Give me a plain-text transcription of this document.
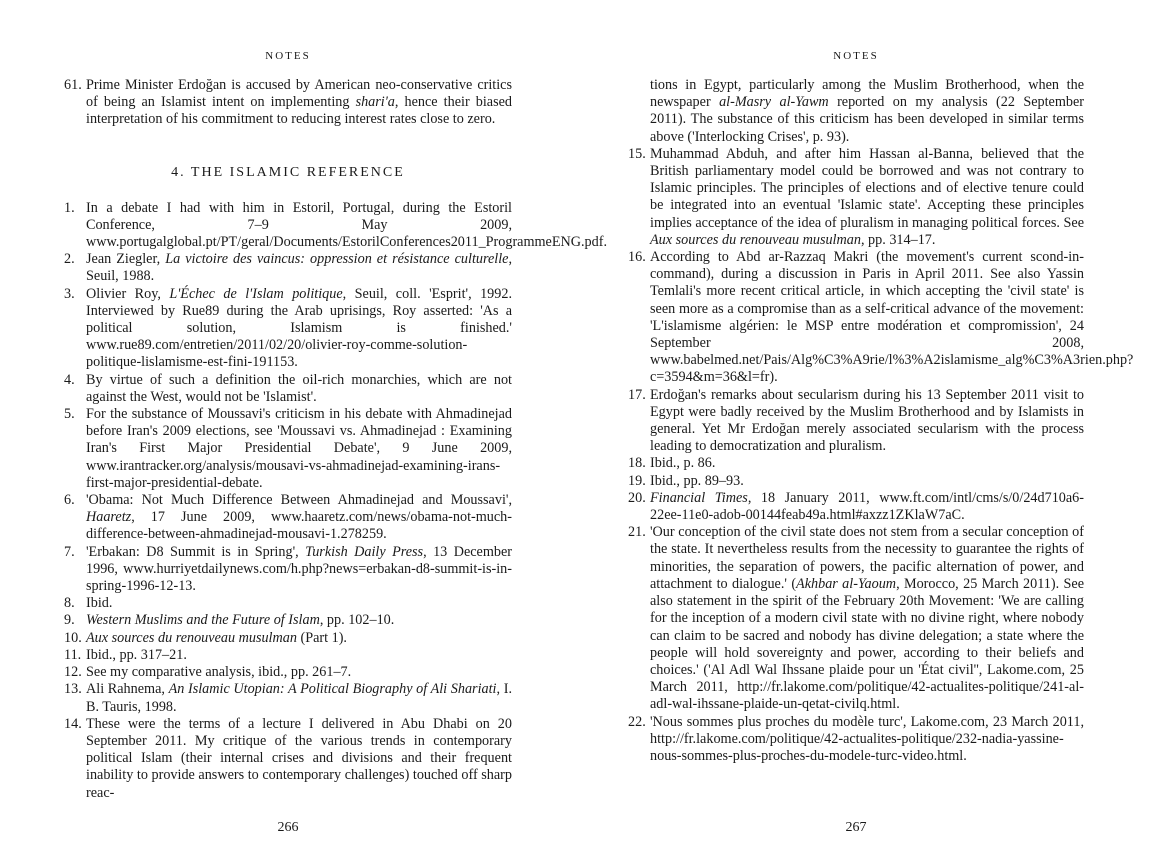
NOTES

61. Prime Minister Erdoğan is accused by American neo-conservative critics of being an Islamist intent on implementing shari'a, hence their biased interpretation of his commitment to reducing interest rates close to zero.

4. THE ISLAMIC REFERENCE

1. In a debate I had with him in Estoril, Portugal, during the Estoril Conference, 7–9 May 2009, www.portugalglobal.pt/PT/geral/Documents/EstorilConferences2011_ProgrammeENG.pdf.

2. Jean Ziegler, La victoire des vaincus: oppression et résistance culturelle, Seuil, 1988.

3. Olivier Roy, L'Échec de l'Islam politique, Seuil, coll. 'Esprit', 1992. Interviewed by Rue89 during the Arab uprisings, Roy asserted: 'As a political solution, Islamism is finished.' www.rue89.com/entretien/2011/02/20/olivier-roy-comme-solution-politique-lislamisme-est-fini-191153.

4. By virtue of such a definition the oil-rich monarchies, which are not against the West, would not be 'Islamist'.

5. For the substance of Moussavi's criticism in his debate with Ahmadinejad before Iran's 2009 elections, see 'Moussavi vs. Ahmadinejad : Examining Iran's First Major Presidential Debate', 9 June 2009, www.irantracker.org/analysis/mousavi-vs-ahmadinejad-examining-irans-first-major-presidential-debate.

6. 'Obama: Not Much Difference Between Ahmadinejad and Moussavi', Haaretz, 17 June 2009, www.haaretz.com/news/obama-not-much-difference-between-ahmadinejad-mousavi-1.278259.

7. 'Erbakan: D8 Summit is in Spring', Turkish Daily Press, 13 December 1996, www.hurriyetdailynews.com/h.php?news=erbakan-d8-summit-is-in-spring-1996-12-13.

8. Ibid.

9. Western Muslims and the Future of Islam, pp. 102–10.

10. Aux sources du renouveau musulman (Part 1).

11. Ibid., pp. 317–21.

12. See my comparative analysis, ibid., pp. 261–7.

13. Ali Rahnema, An Islamic Utopian: A Political Biography of Ali Shariati, I. B. Tauris, 1998.

14. These were the terms of a lecture I delivered in Abu Dhabi on 20 September 2011. My critique of the various trends in contemporary political Islam (their internal crises and divisions and their frequent inability to provide answers to contemporary challenges) touched off sharp reac-

266
NOTES

tions in Egypt, particularly among the Muslim Brotherhood, when the newspaper al-Masry al-Yawm reported on my analysis (22 September 2011). The substance of this criticism has been developed in similar terms above ('Interlocking Crises', p. 93).

15. Muhammad Abduh, and after him Hassan al-Banna, believed that the British parliamentary model could be borrowed and was not contrary to Islamic principles. The principles of elections and of elective tenure could be integrated into an eventual 'Islamic state'. Accepting these principles implies acceptance of the idea of pluralism in managing political forces. See Aux sources du renouveau musulman, pp. 314–17.

16. According to Abd ar-Razzaq Makri (the movement's current scond-in-command), during a discussion in Paris in April 2011. See also Yassin Temlali's more recent critical article, in which accepting the 'civil state' is seen more as a compromise than as a self-critical advance of the movement: 'L'islamisme algérien: le MSP entre modération et compromission', 24 September 2008, www.babelmed.net/Pais/Alg%C3%A9rie/l%3%A2islamisme_alg%C3%A3rien.php?c=3594&m=36&l=fr).

17. Erdoğan's remarks about secularism during his 13 September 2011 visit to Egypt were badly received by the Muslim Brotherhood and by Islamists in general. Yet Mr Erdoğan merely associated secularism with the process leading to democratization and pluralism.

18. Ibid., p. 86.

19. Ibid., pp. 89–93.

20. Financial Times, 18 January 2011, www.ft.com/intl/cms/s/0/24d710a6-22ee-11e0-adob-00144feab49a.html#axzz1ZKlaW7aC.

21. 'Our conception of the civil state does not stem from a secular conception of the state. It nevertheless results from the necessity to guarantee the rights of minorities, the separation of powers, the pacific alternation of power, and attachment to dialogue.' (Akhbar al-Yaoum, Morocco, 25 March 2011). See also statement in the spirit of the February 20th Movement: 'We are calling for the inception of a modern civil state with no divine right, where nobody can claim to be sacred and nobody has divine delegation; a state where the people will hold sovereignty and power, according to their beliefs and choices.' ('Al Adl Wal Ihssane plaide pour un 'État civil'', Lakome.com, 25 March 2011, http://fr.lakome.com/politique/42-actualites-politique/241-al-adl-wal-ihssane-plaide-un-qetat-civilq.html.

22. 'Nous sommes plus proches du modèle turc', Lakome.com, 23 March 2011, http://fr.lakome.com/politique/42-actualites-politique/232-nadia-yassine-nous-sommes-plus-proches-du-modele-turc-video.html.

267
